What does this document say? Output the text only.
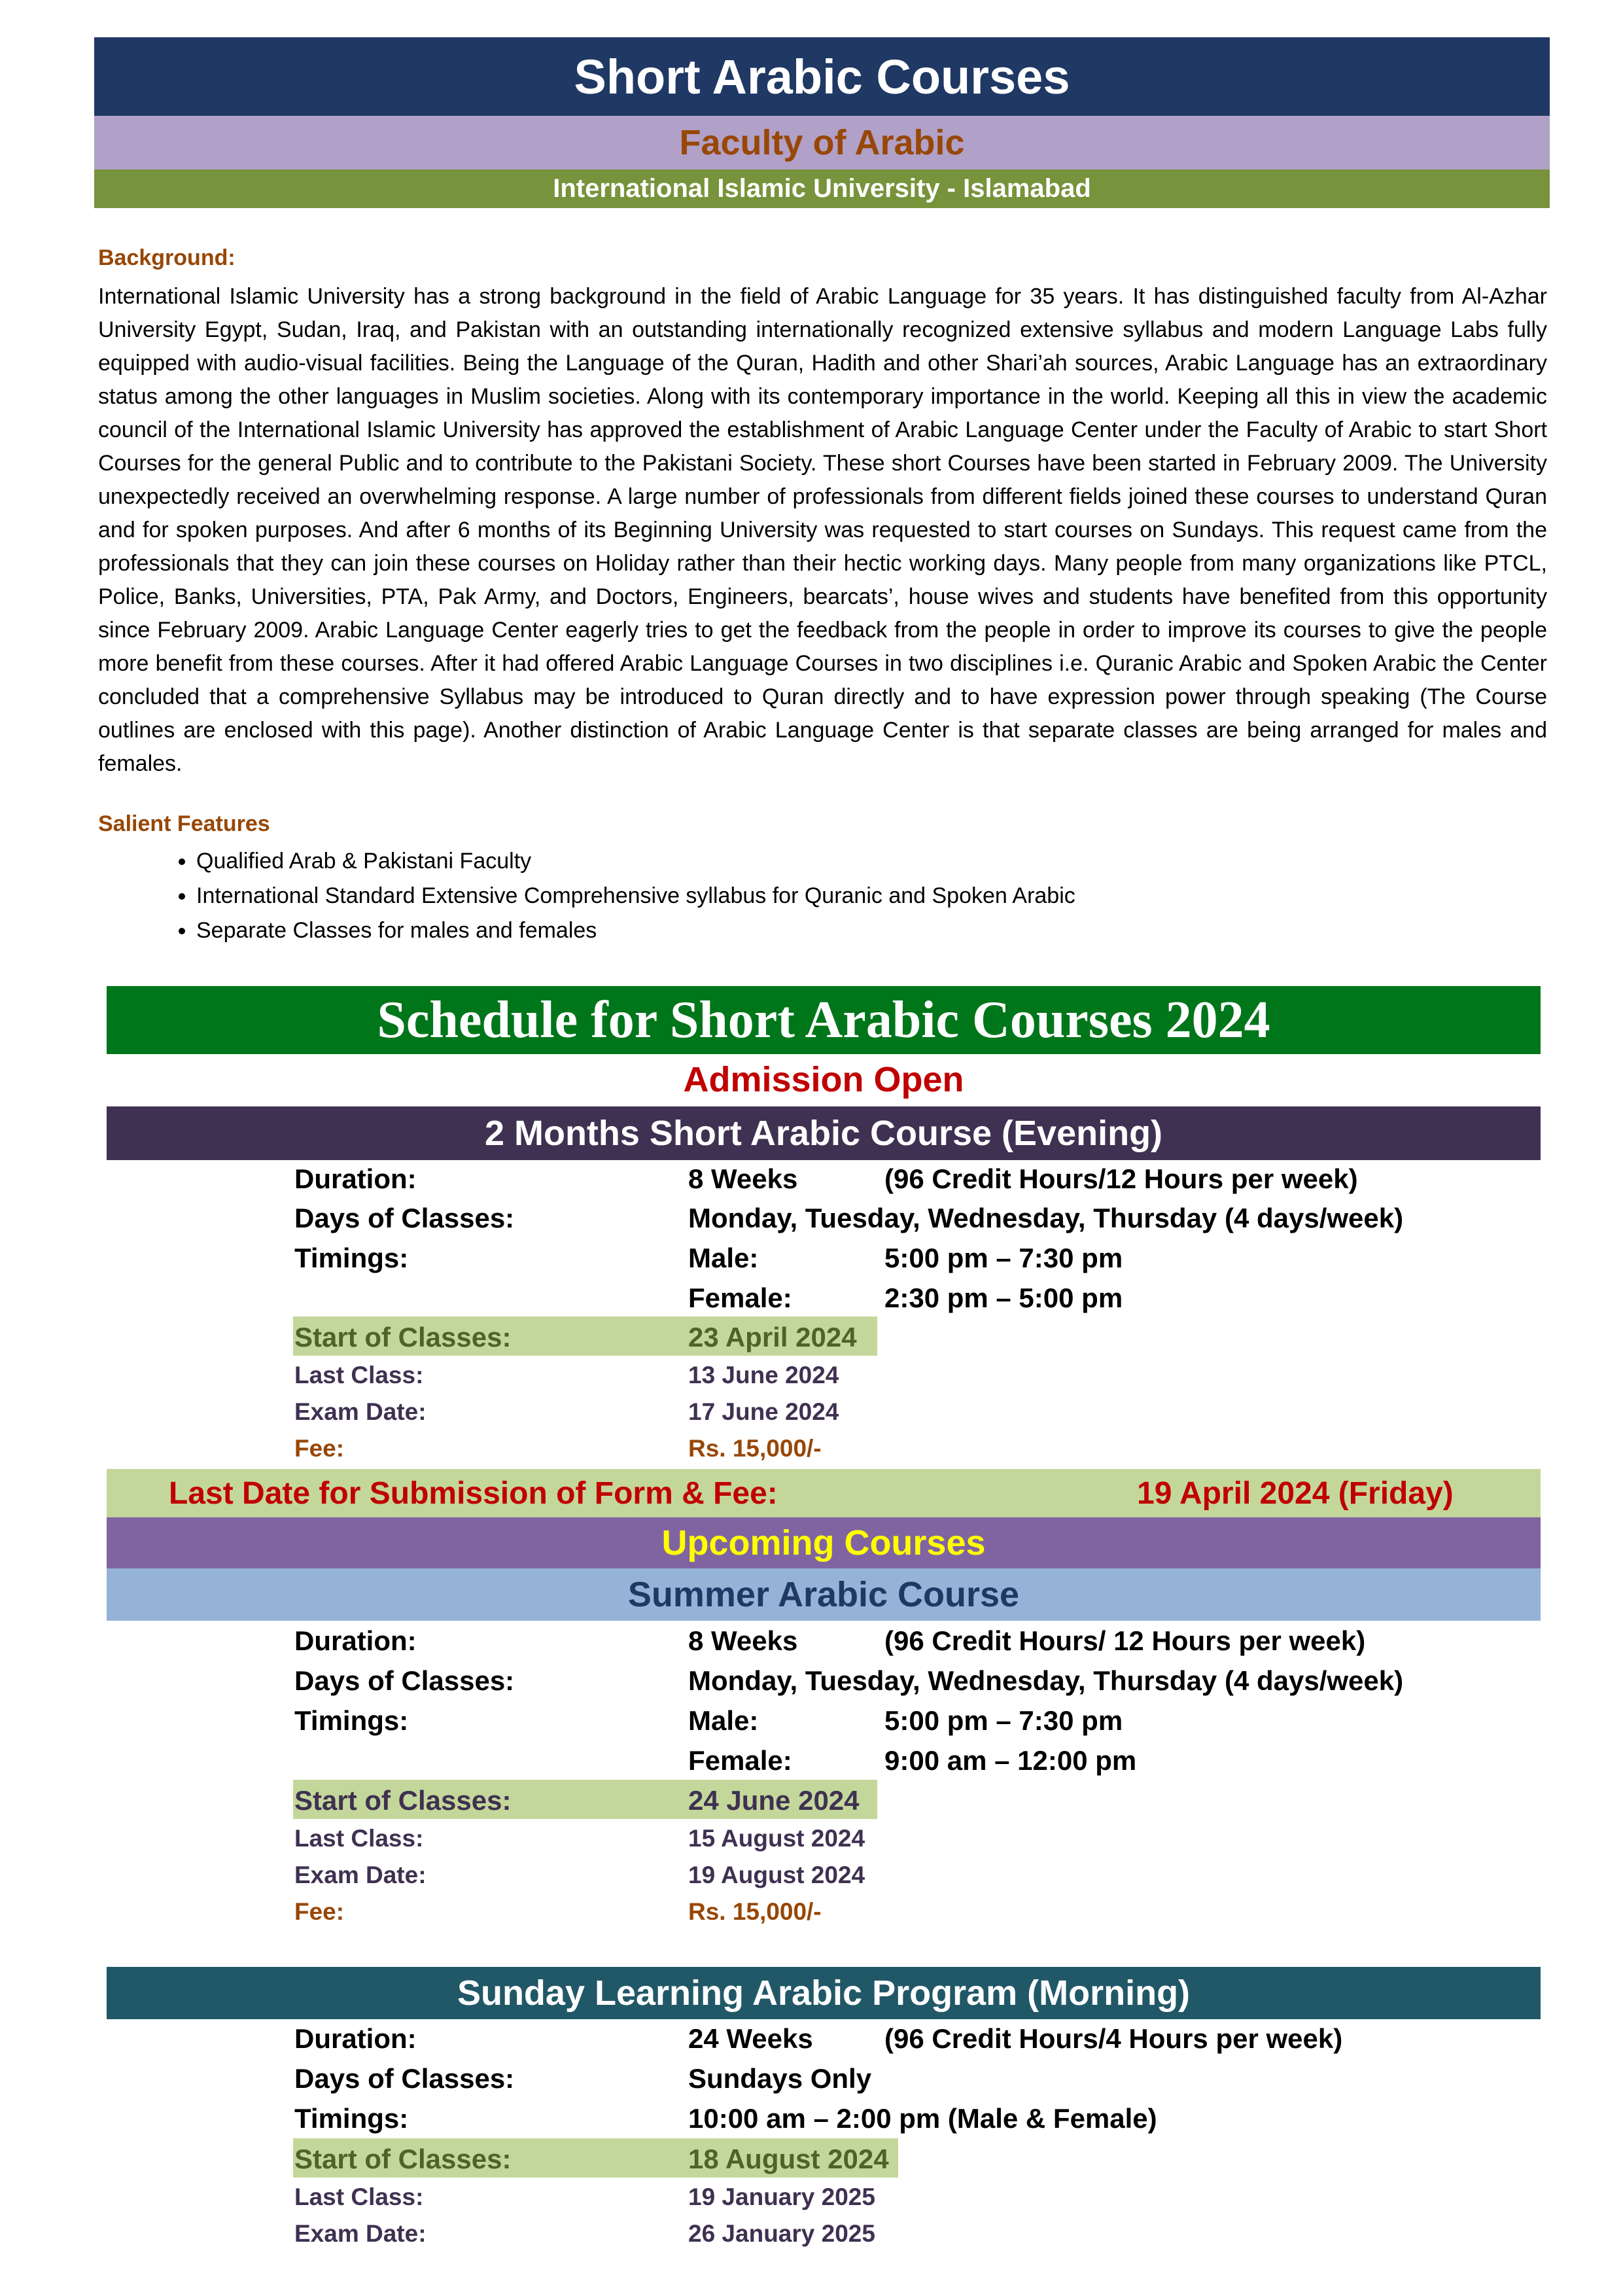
Short Arabic Courses
Faculty of Arabic
International Islamic University - Islamabad
Background:
International Islamic University has a strong background in the field of Arabic Language for 35 years. It has distinguished faculty from Al-Azhar University Egypt, Sudan, Iraq, and Pakistan with an outstanding internationally recognized extensive syllabus and modern Language Labs fully equipped with audio-visual facilities. Being the Language of the Quran, Hadith and other Shari’ah sources, Arabic Language has an extraordinary status among the other languages in Muslim societies. Along with its contemporary importance in the world. Keeping all this in view the academic council of the International Islamic University has approved the establishment of Arabic Language Center under the Faculty of Arabic to start Short Courses for the general Public and to contribute to the Pakistani Society. These short Courses have been started in February 2009. The University unexpectedly received an overwhelming response. A large number of professionals from different fields joined these courses to understand Quran and for spoken purposes. And after 6 months of its Beginning University was requested to start courses on Sundays. This request came from the professionals that they can join these courses on Holiday rather than their hectic working days. Many people from many organizations like PTCL, Police, Banks, Universities, PTA, Pak Army, and Doctors, Engineers, bearcats’, house wives and students have benefited from this opportunity since February 2009. Arabic Language Center eagerly tries to get the feedback from the people in order to improve its courses to give the people more benefit from these courses. After it had offered Arabic Language Courses in two disciplines i.e. Quranic Arabic and Spoken Arabic the Center concluded that a comprehensive Syllabus may be introduced to Quran directly and to have expression power through speaking (The Course outlines are enclosed with this page). Another distinction of Arabic Language Center is that separate classes are being arranged for males and females.
Salient Features
• Qualified Arab & Pakistani Faculty
• International Standard Extensive Comprehensive syllabus for Quranic and Spoken Arabic
• Separate Classes for males and females
Schedule for Short Arabic Courses 2024
Admission Open
2 Months Short Arabic Course (Evening)
Duration:	8 Weeks	(96 Credit Hours/12 Hours per week)
Days of Classes:	Monday, Tuesday, Wednesday, Thursday (4 days/week)
Timings:	Male:	5:00 pm – 7:30 pm
Female:	2:30 pm – 5:00 pm
Start of Classes:	23 April 2024
Last Class:	13 June 2024
Exam Date:	17 June 2024
Fee:	Rs. 15,000/-
Last Date for Submission of Form & Fee:	19 April 2024 (Friday)
Upcoming Courses
Summer Arabic Course
Duration:	8 Weeks	(96 Credit Hours/ 12 Hours per week)
Days of Classes:	Monday, Tuesday, Wednesday, Thursday (4 days/week)
Timings:	Male:	5:00 pm – 7:30 pm
Female:	9:00 am – 12:00 pm
Start of Classes:	24 June 2024
Last Class:	15 August 2024
Exam Date:	19 August 2024
Fee:	Rs. 15,000/-
Sunday Learning Arabic Program (Morning)
Duration:	24 Weeks	(96 Credit Hours/4 Hours per week)
Days of Classes:	Sundays Only
Timings:	10:00 am – 2:00 pm (Male & Female)
Start of Classes:	18 August 2024
Last Class:	19 January 2025
Exam Date:	26 January 2025
